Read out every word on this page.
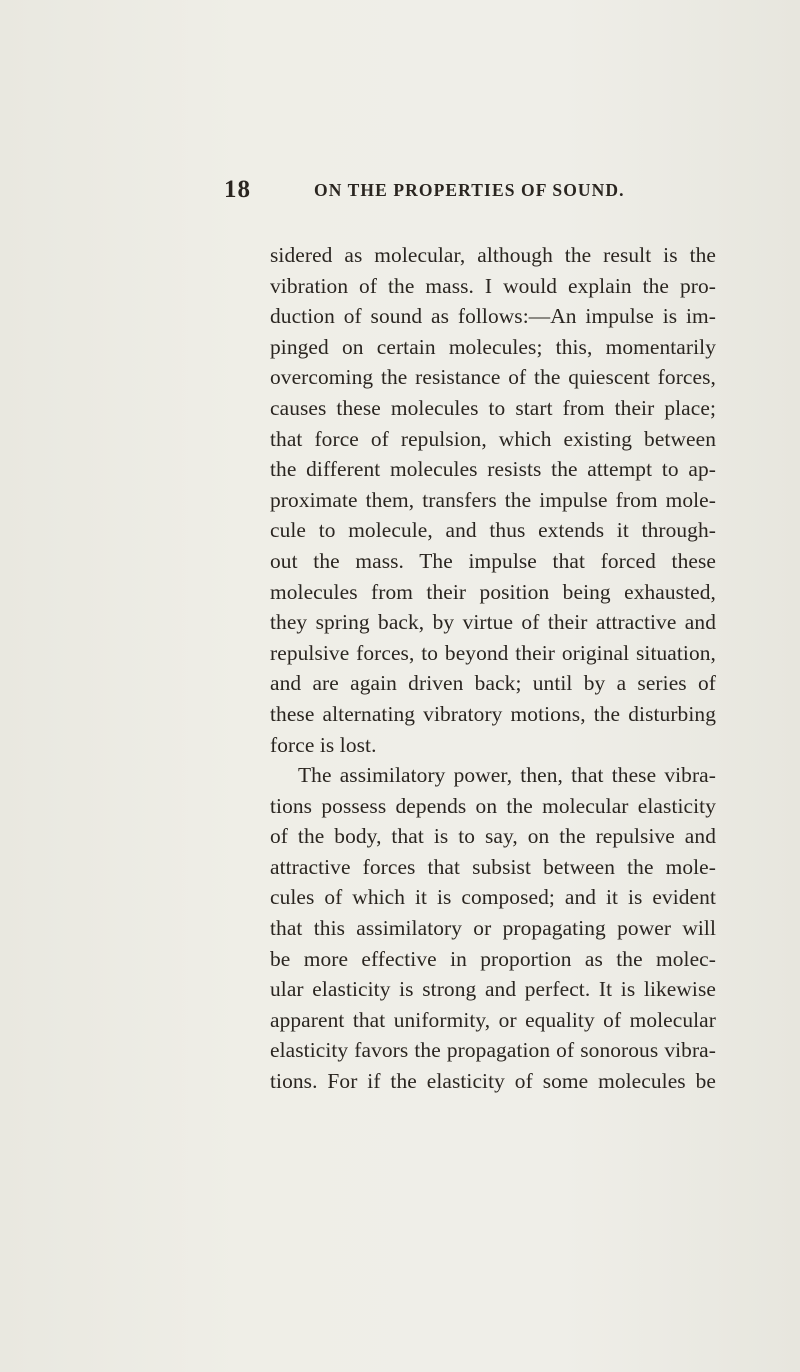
18	ON THE PROPERTIES OF SOUND.
sidered as molecular, although the result is the
vibration of the mass. I would explain the pro-
duction of sound as follows:—An impulse is im-
pinged on certain molecules; this, momentarily
overcoming the resistance of the quiescent forces,
causes these molecules to start from their place;
that force of repulsion, which existing between
the different molecules resists the attempt to ap-
proximate them, transfers the impulse from mole-
cule to molecule, and thus extends it through-
out the mass. The impulse that forced these
molecules from their position being exhausted,
they spring back, by virtue of their attractive and
repulsive forces, to beyond their original situation,
and are again driven back; until by a series of
these alternating vibratory motions, the disturbing
force is lost.
The assimilatory power, then, that these vibra-
tions possess depends on the molecular elasticity
of the body, that is to say, on the repulsive and
attractive forces that subsist between the mole-
cules of which it is composed; and it is evident
that this assimilatory or propagating power will
be more effective in proportion as the molec-
ular elasticity is strong and perfect. It is likewise
apparent that uniformity, or equality of molecular
elasticity favors the propagation of sonorous vibra-
tions. For if the elasticity of some molecules be
